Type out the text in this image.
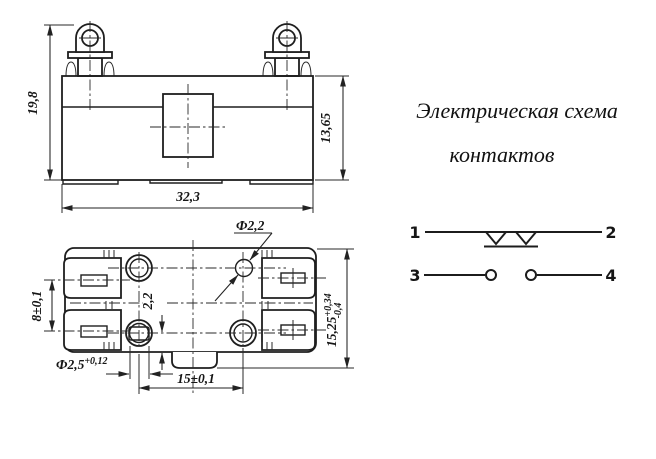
19,8
13,65
32,3
Ф2,2
8±0,1
$Ф2,5^{+0,12}$
2,2
15±0,1
$15,25^{+0,34}-0,4$
Электрическая схема
контактов
1	2
3	4
